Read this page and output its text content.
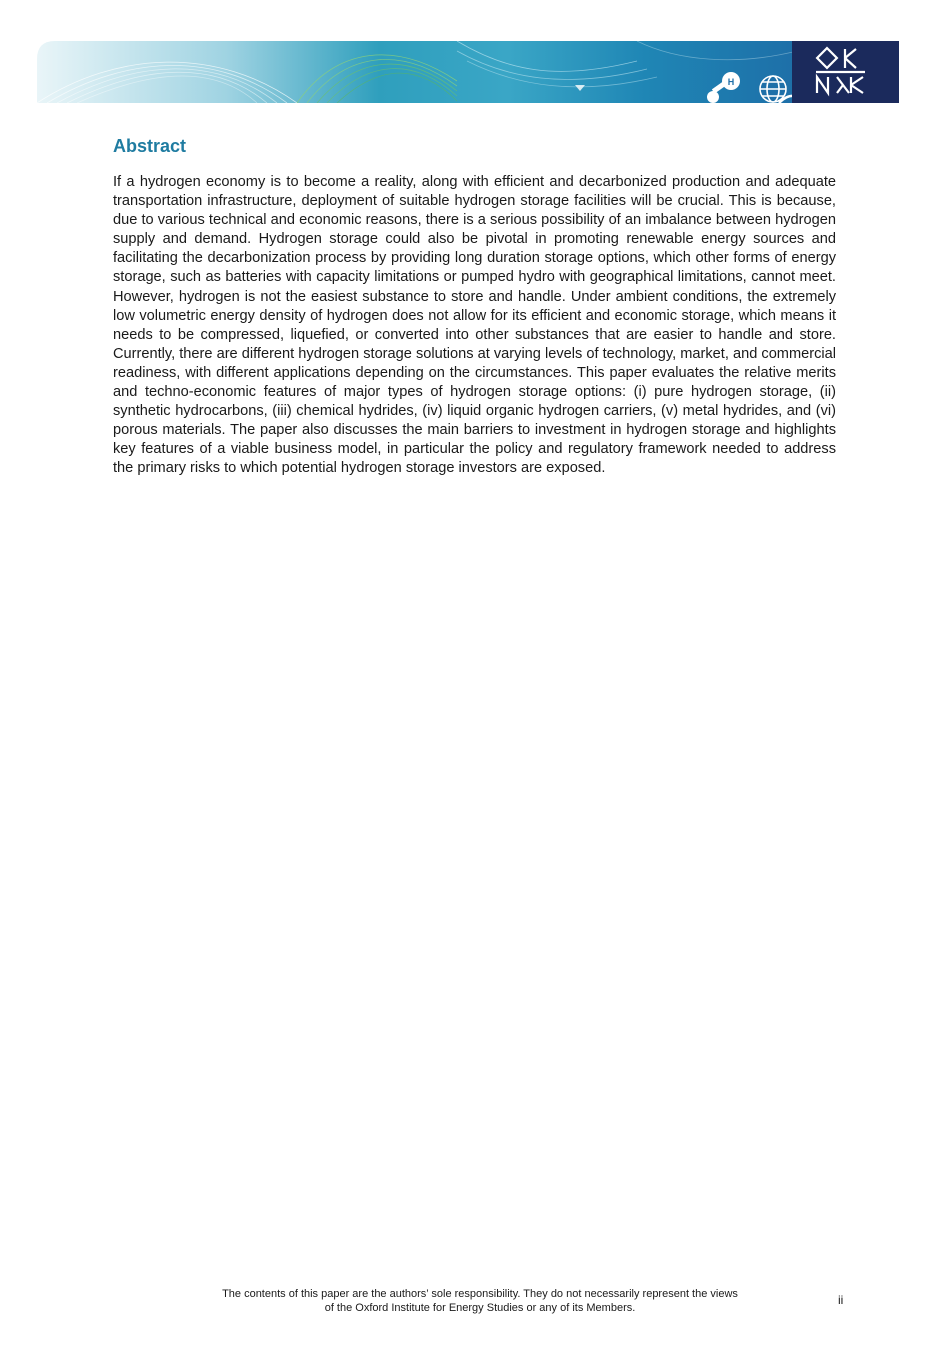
H
Abstract

If a hydrogen economy is to become a reality, along with efficient and decarbonized production and adequate transportation infrastructure, deployment of suitable hydrogen storage facilities will be crucial. This is because, due to various technical and economic reasons, there is a serious possibility of an imbalance between hydrogen supply and demand. Hydrogen storage could also be pivotal in promoting renewable energy sources and facilitating the decarbonization process by providing long duration storage options, which other forms of energy storage, such as batteries with capacity limitations or pumped hydro with geographical limitations, cannot meet. However, hydrogen is not the easiest substance to store and handle. Under ambient conditions, the extremely low volumetric energy density of hydrogen does not allow for its efficient and economic storage, which means it needs to be compressed, liquefied, or converted into other substances that are easier to handle and store. Currently, there are different hydrogen storage solutions at varying levels of technology, market, and commercial readiness, with different applications depending on the circumstances. This paper evaluates the relative merits and techno-economic features of major types of hydrogen storage options: (i) pure hydrogen storage, (ii) synthetic hydrocarbons, (iii) chemical hydrides, (iv) liquid organic hydrogen carriers, (v) metal hydrides, and (vi) porous materials. The paper also discusses the main barriers to investment in hydrogen storage and highlights key features of a viable business model, in particular the policy and regulatory framework needed to address the primary risks to which potential hydrogen storage investors are exposed.

The contents of this paper are the authors’ sole responsibility. They do not necessarily represent the views
of the Oxford Institute for Energy Studies or any of its Members.

ii
